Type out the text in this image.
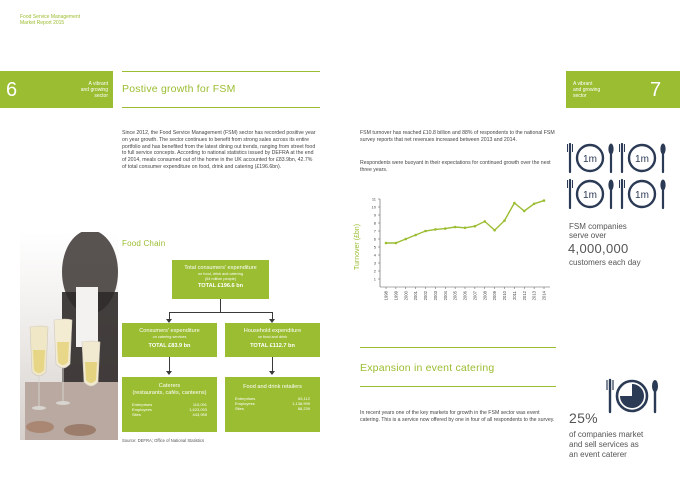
Food Service Management
Market Report 2015
6	A vibrant
and growing
sector
A vibrant
and growing
sector	7
Postive growth for FSM
Since 2012, the Food Service Management (FSM) sector has recorded positive year on year growth. The sector continues to benefit from strong sales across its entire portfolio and has benefited from the latest dining out trends, ranging from street food to full service concepts. According to national statistics issued by DEFRA at the end of 2014, meals consumed out of the home in the UK accounted for £83.9bn, 42.7% of total consumer expenditure on food, drink and catering (£196.6bn).
Food Chain
Total consumers' expenditure
on food, drink and catering
(64 million people)
TOTAL £196.6 bn
Consumers' expenditure
on catering services
TOTAL £83.9 bn
Household expenditure
on food and drink
TOTAL £112.7 bn
Caterers
(restaurants, cafés, canteens)
Enterprises	110,091
Employees	1,623,093
Sites	443,955
Food and drink retailers
Enterprises	63,112
Employees	1,138,999
Sites	88,239
Source: DEFRA; Office of National Statistics
FSM turnover has reached £10.8 billion and 88% of respondents to the national FSM survey reports that net revenues increased between 2013 and 2014.
Respondents were buoyant in their expectations for continued growth over the next three years.
Turnover (£bn)
1
2
3
4
5
6
7
8
9
10
11
1998 1999 2000 2001 2002 2003 2004 2005 2006 2007 2008 2009 2010 2011 2012 2013 2014
1m	1m
1m	1m
FSM companies
serve over
4,000,000
customers each day
Expansion in event catering
In recent years one of the key markets for growth in the FSM sector was event catering. This is a service now offered by one in four of all respondents to the survey.	25%
of companies market
and sell services as
an event caterer
